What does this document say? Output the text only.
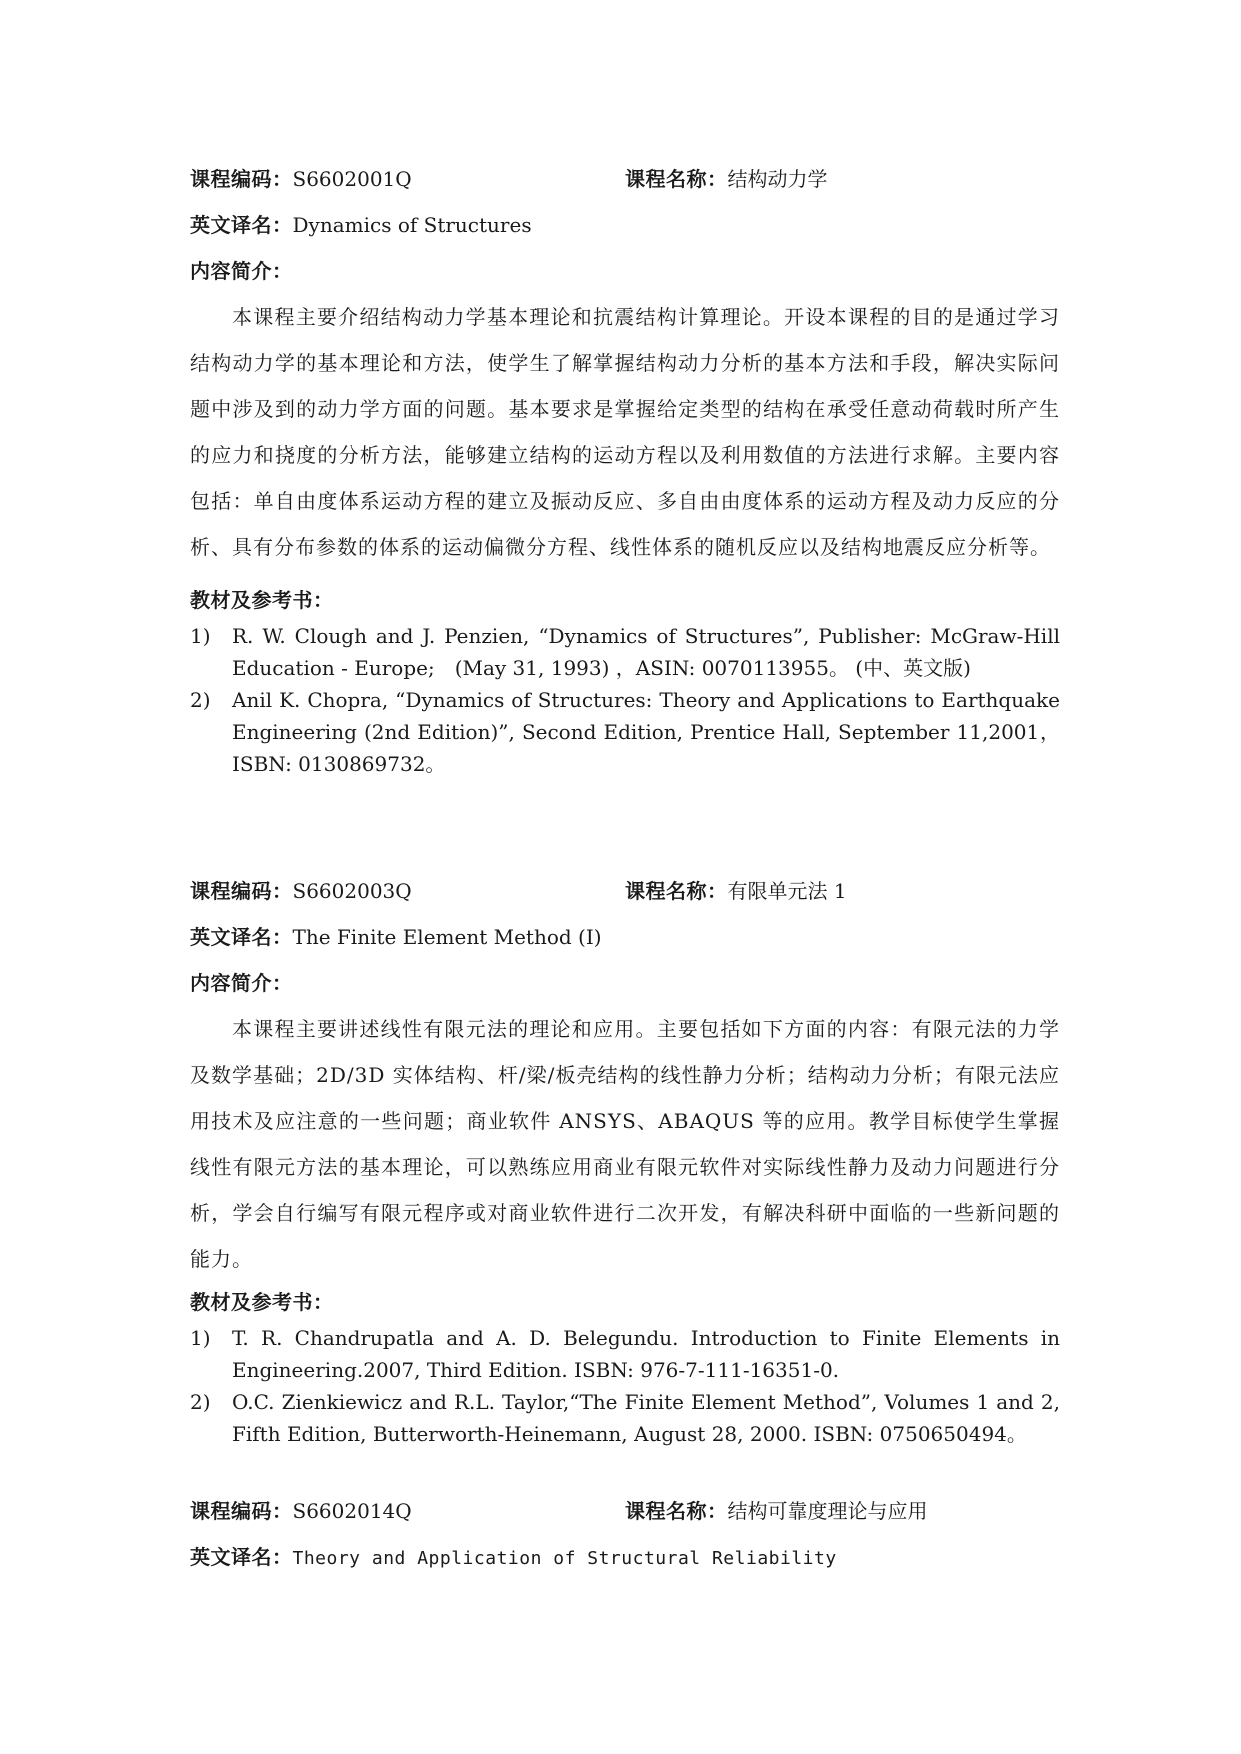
课程编码：S6602001Q	课程名称：结构动力学
英文译名：Dynamics of Structures
内容简介：

本课程主要介绍结构动力学基本理论和抗震结构计算理论。开设本课程的目的是通过学习结构动力学的基本理论和方法，使学生了解掌握结构动力分析的基本方法和手段，解决实际问题中涉及到的动力学方面的问题。基本要求是掌握给定类型的结构在承受任意动荷载时所产生的应力和挠度的分析方法，能够建立结构的运动方程以及利用数值的方法进行求解。主要内容包括：单自由度体系运动方程的建立及振动反应、多自由由度体系的运动方程及动力反应的分析、具有分布参数的体系的运动偏微分方程、线性体系的随机反应以及结构地震反应分析等。

教材及参考书：
1) R. W. Clough and J. Penzien, “Dynamics of Structures”, Publisher: McGraw-Hill Education - Europe;　(May 31, 1993) ，ASIN: 0070113955。 (中、英文版)
2) Anil K. Chopra, “Dynamics of Structures: Theory and Applications to Earthquake Engineering (2nd Edition)”, Second Edition, Prentice Hall, September 11,2001， ISBN: 0130869732。
课程编码：S6602003Q	课程名称：有限单元法 1
英文译名：The Finite Element Method (I)
内容简介：

本课程主要讲述线性有限元法的理论和应用。主要包括如下方面的内容：有限元法的力学及数学基础；2D/3D 实体结构、杆/梁/板壳结构的线性静力分析；结构动力分析；有限元法应用技术及应注意的一些问题；商业软件 ANSYS、ABAQUS 等的应用。教学目标使学生掌握线性有限元方法的基本理论，可以熟练应用商业有限元软件对实际线性静力及动力问题进行分析，学会自行编写有限元程序或对商业软件进行二次开发，有解决科研中面临的一些新问题的能力。

教材及参考书：
1) T. R. Chandrupatla and A. D. Belegundu. Introduction to Finite Elements in Engineering.2007, Third Edition. ISBN: 976-7-111-16351-0.
2) O.C. Zienkiewicz and R.L. Taylor,“The Finite Element Method”, Volumes 1 and 2, Fifth Edition, Butterworth-Heinemann, August 28, 2000. ISBN: 0750650494。
课程编码：S6602014Q	课程名称：结构可靠度理论与应用
英文译名：Theory and Application of Structural Reliability
